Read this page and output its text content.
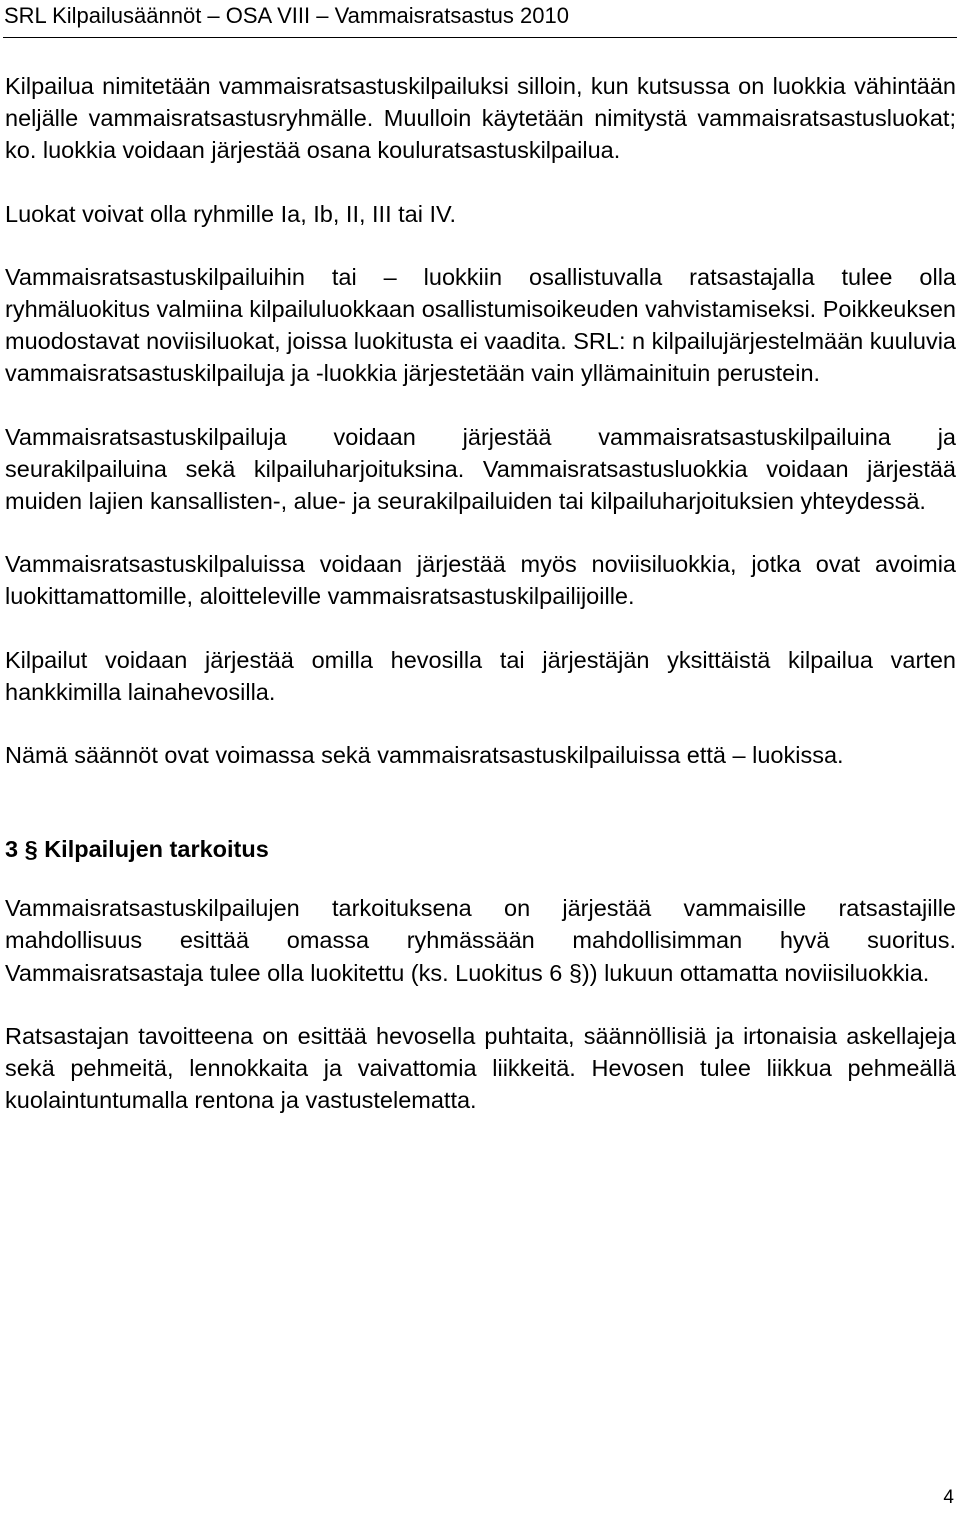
SRL Kilpailusäännöt – OSA VIII – Vammaisratsastus 2010

Kilpailua nimitetään vammaisratsastuskilpailuksi silloin, kun kutsussa on luokkia vähintään neljälle vammaisratsastusryhmälle. Muulloin käytetään nimitystä vammaisratsastusluokat; ko. luokkia voidaan järjestää osana kouluratsastuskilpailua.

Luokat voivat olla ryhmille Ia, Ib, II, III tai IV.

Vammaisratsastuskilpailuihin tai – luokkiin osallistuvalla ratsastajalla tulee olla ryhmäluokitus valmiina kilpailuluokkaan osallistumisoikeuden vahvistamiseksi. Poikkeuksen muodostavat noviisiluokat, joissa luokitusta ei vaadita. SRL: n kilpailujärjestelmään kuuluvia vammaisratsastuskilpailuja ja -luokkia järjestetään vain yllämainituin perustein.

Vammaisratsastuskilpailuja voidaan järjestää vammaisratsastuskilpailuina ja seurakilpailuina sekä kilpailuharjoituksina. Vammaisratsastusluokkia voidaan järjestää muiden lajien kansallisten-, alue- ja seurakilpailuiden tai kilpailuharjoituksien yhteydessä.

Vammaisratsastuskilpaluissa voidaan järjestää myös noviisiluokkia, jotka ovat avoimia luokittamattomille, aloitteleville vammaisratsastuskilpailijoille.

Kilpailut voidaan järjestää omilla hevosilla tai järjestäjän yksittäistä kilpailua varten hankkimilla lainahevosilla.

Nämä säännöt ovat voimassa sekä vammaisratsastuskilpailuissa että – luokissa.

3 § Kilpailujen tarkoitus

Vammaisratsastuskilpailujen tarkoituksena on järjestää vammaisille ratsastajille mahdollisuus esittää omassa ryhmässään mahdollisimman hyvä suoritus. Vammaisratsastaja tulee olla luokitettu (ks. Luokitus 6 §)) lukuun ottamatta noviisiluokkia.

Ratsastajan tavoitteena on esittää hevosella puhtaita, säännöllisiä ja irtonaisia askellajeja sekä pehmeitä, lennokkaita ja vaivattomia liikkeitä. Hevosen tulee liikkua pehmeällä kuolaintuntumalla rentona ja vastustelematta.

4
